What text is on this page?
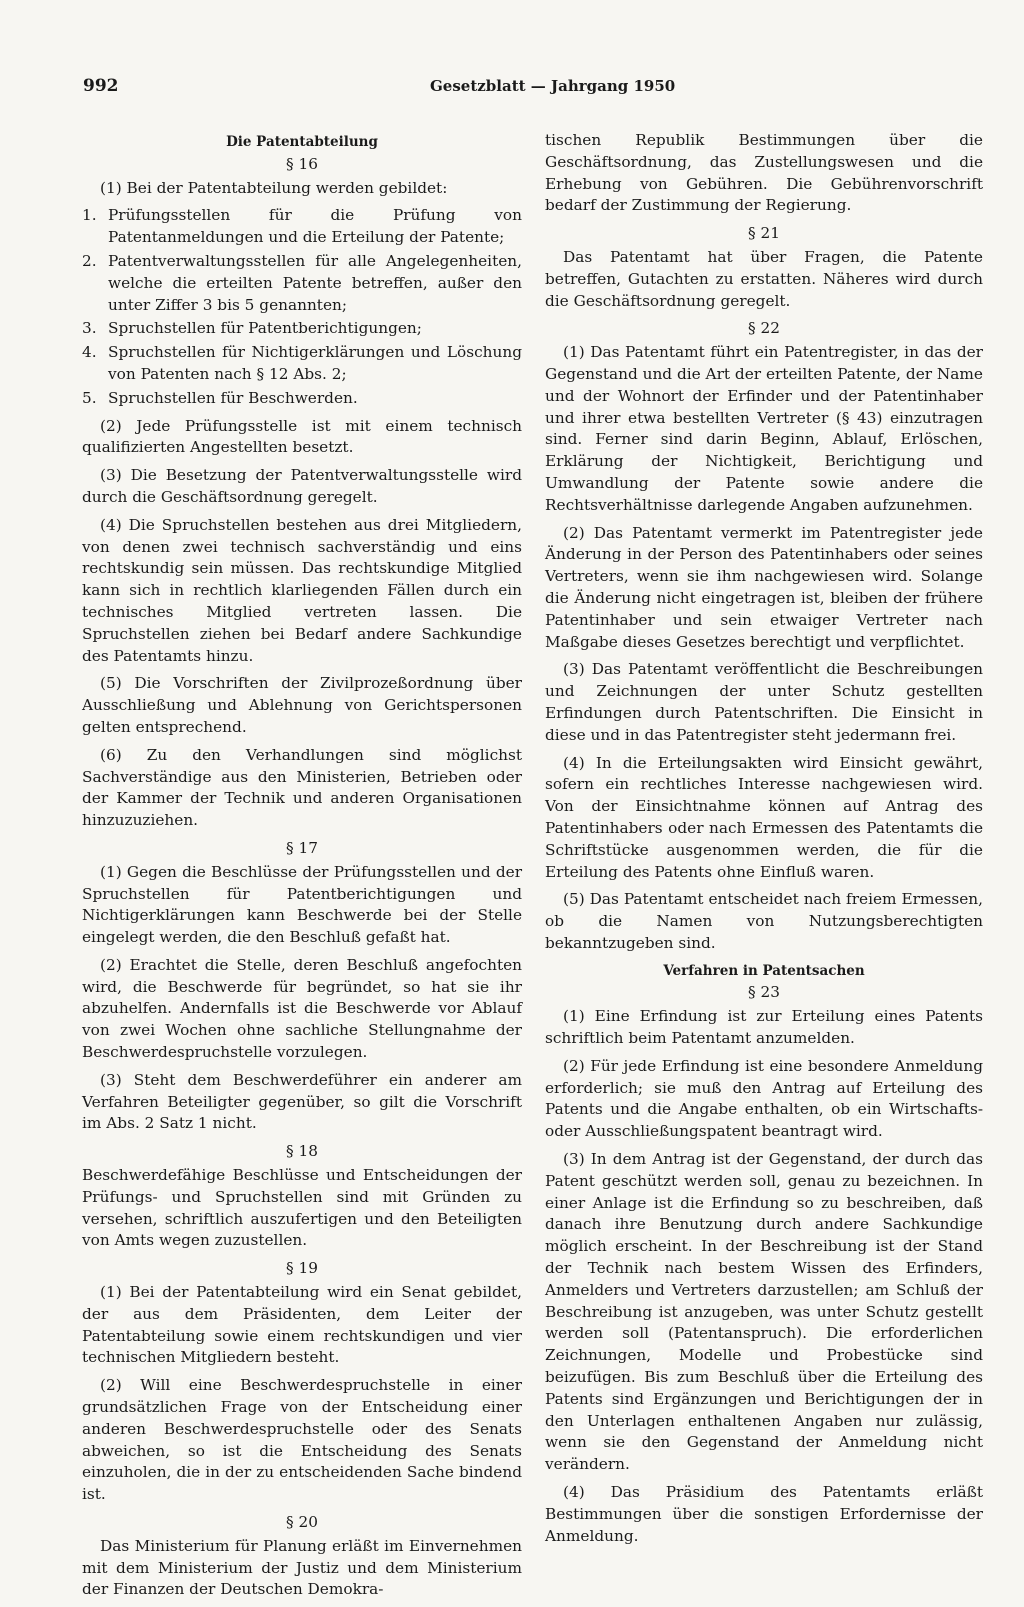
992	Gesetzblatt — Jahrgang 1950
Die Patentabteilung
§ 16

(1) Bei der Patentabteilung werden gebildet:

1. Prüfungsstellen für die Prüfung von Patentanmeldungen und die Erteilung der Patente;
2. Patentverwaltungsstellen für alle Angelegenheiten, welche die erteilten Patente betreffen, außer den unter Ziffer 3 bis 5 genannten;
3. Spruchstellen für Patentberichtigungen;
4. Spruchstellen für Nichtigerklärungen und Löschung von Patenten nach § 12 Abs. 2;
5. Spruchstellen für Beschwerden.

(2) Jede Prüfungsstelle ist mit einem technisch qualifizierten Angestellten besetzt.

(3) Die Besetzung der Patentverwaltungsstelle wird durch die Geschäftsordnung geregelt.

(4) Die Spruchstellen bestehen aus drei Mitgliedern, von denen zwei technisch sachverständig und eins rechtskundig sein müssen. Das rechtskundige Mitglied kann sich in rechtlich klarliegenden Fällen durch ein technisches Mitglied vertreten lassen. Die Spruchstellen ziehen bei Bedarf andere Sachkundige des Patentamts hinzu.

(5) Die Vorschriften der Zivilprozeßordnung über Ausschließung und Ablehnung von Gerichtspersonen gelten entsprechend.

(6) Zu den Verhandlungen sind möglichst Sachverständige aus den Ministerien, Betrieben oder der Kammer der Technik und anderen Organisationen hinzuzuziehen.

§ 17

(1) Gegen die Beschlüsse der Prüfungsstellen und der Spruchstellen für Patentberichtigungen und Nichtigerklärungen kann Beschwerde bei der Stelle eingelegt werden, die den Beschluß gefaßt hat.

(2) Erachtet die Stelle, deren Beschluß angefochten wird, die Beschwerde für begründet, so hat sie ihr abzuhelfen. Andernfalls ist die Beschwerde vor Ablauf von zwei Wochen ohne sachliche Stellungnahme der Beschwerdespruchstelle vorzulegen.

(3) Steht dem Beschwerdeführer ein anderer am Verfahren Beteiligter gegenüber, so gilt die Vorschrift im Abs. 2 Satz 1 nicht.

§ 18

Beschwerdefähige Beschlüsse und Entscheidungen der Prüfungs- und Spruchstellen sind mit Gründen zu versehen, schriftlich auszufertigen und den Beteiligten von Amts wegen zuzustellen.

§ 19

(1) Bei der Patentabteilung wird ein Senat gebildet, der aus dem Präsidenten, dem Leiter der Patentabteilung sowie einem rechtskundigen und vier technischen Mitgliedern besteht.

(2) Will eine Beschwerdespruchstelle in einer grundsätzlichen Frage von der Entscheidung einer anderen Beschwerdespruchstelle oder des Senats abweichen, so ist die Entscheidung des Senats einzuholen, die in der zu entscheidenden Sache bindend ist.

§ 20

Das Ministerium für Planung erläßt im Einvernehmen mit dem Ministerium der Justiz und dem Ministerium der Finanzen der Deutschen Demokra-

tischen Republik Bestimmungen über die Geschäftsordnung, das Zustellungswesen und die Erhebung von Gebühren. Die Gebührenvorschrift bedarf der Zustimmung der Regierung.

§ 21

Das Patentamt hat über Fragen, die Patente betreffen, Gutachten zu erstatten. Näheres wird durch die Geschäftsordnung geregelt.

§ 22

(1) Das Patentamt führt ein Patentregister, in das der Gegenstand und die Art der erteilten Patente, der Name und der Wohnort der Erfinder und der Patentinhaber und ihrer etwa bestellten Vertreter (§ 43) einzutragen sind. Ferner sind darin Beginn, Ablauf, Erlöschen, Erklärung der Nichtigkeit, Berichtigung und Umwandlung der Patente sowie andere die Rechtsverhältnisse darlegende Angaben aufzunehmen.

(2) Das Patentamt vermerkt im Patentregister jede Änderung in der Person des Patentinhabers oder seines Vertreters, wenn sie ihm nachgewiesen wird. Solange die Änderung nicht eingetragen ist, bleiben der frühere Patentinhaber und sein etwaiger Vertreter nach Maßgabe dieses Gesetzes berechtigt und verpflichtet.

(3) Das Patentamt veröffentlicht die Beschreibungen und Zeichnungen der unter Schutz gestellten Erfindungen durch Patentschriften. Die Einsicht in diese und in das Patentregister steht jedermann frei.

(4) In die Erteilungsakten wird Einsicht gewährt, sofern ein rechtliches Interesse nachgewiesen wird. Von der Einsichtnahme können auf Antrag des Patentinhabers oder nach Ermessen des Patentamts die Schriftstücke ausgenommen werden, die für die Erteilung des Patents ohne Einfluß waren.

(5) Das Patentamt entscheidet nach freiem Ermessen, ob die Namen von Nutzungsberechtigten bekanntzugeben sind.

Verfahren in Patentsachen
§ 23

(1) Eine Erfindung ist zur Erteilung eines Patents schriftlich beim Patentamt anzumelden.

(2) Für jede Erfindung ist eine besondere Anmeldung erforderlich; sie muß den Antrag auf Erteilung des Patents und die Angabe enthalten, ob ein Wirtschafts- oder Ausschließungspatent beantragt wird.

(3) In dem Antrag ist der Gegenstand, der durch das Patent geschützt werden soll, genau zu bezeichnen. In einer Anlage ist die Erfindung so zu beschreiben, daß danach ihre Benutzung durch andere Sachkundige möglich erscheint. In der Beschreibung ist der Stand der Technik nach bestem Wissen des Erfinders, Anmelders und Vertreters darzustellen; am Schluß der Beschreibung ist anzugeben, was unter Schutz gestellt werden soll (Patentanspruch). Die erforderlichen Zeichnungen, Modelle und Probestücke sind beizufügen. Bis zum Beschluß über die Erteilung des Patents sind Ergänzungen und Berichtigungen der in den Unterlagen enthaltenen Angaben nur zulässig, wenn sie den Gegenstand der Anmeldung nicht verändern.

(4) Das Präsidium des Patentamts erläßt Bestimmungen über die sonstigen Erfordernisse der Anmeldung.
